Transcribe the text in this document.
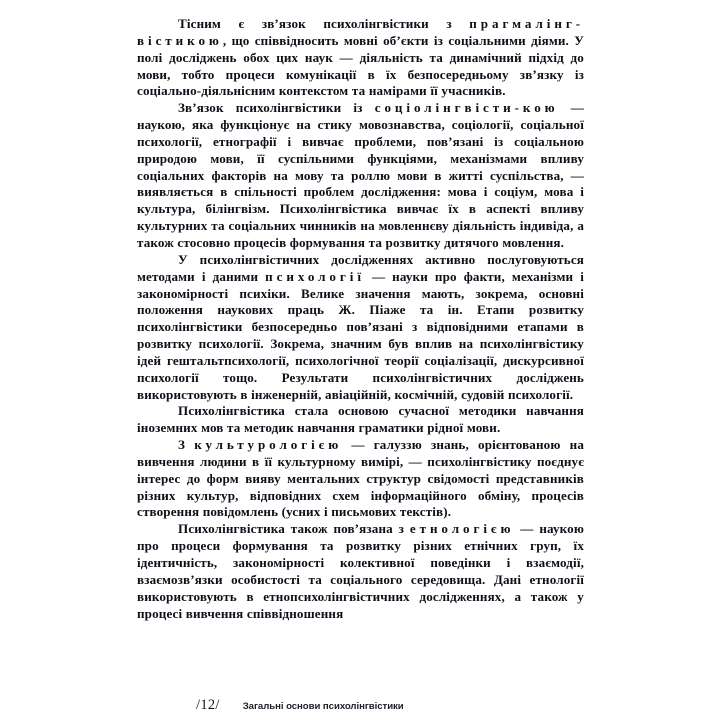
Тісним є зв’язок психолінгвістики з прагмалінг-вістикою, що співвідносить мовні об’єкти із соціальними діями. У полі досліджень обох цих наук — діяльність та динамічний підхід до мови, тобто процеси комунікації в їх безпосередньому зв’язку із соціально-діяльнісним контекстом та намірами її учасників.

Зв’язок психолінгвістики із соціолінгвісти-кою — наукою, яка функціонує на стику мовознавства, соціології, соціальної психології, етнографії і вивчає проблеми, пов’язані із соціальною природою мови, її суспільними функціями, механізмами впливу соціальних факторів на мову та роллю мови в житті суспільства, — виявляється в спільності проблем дослідження: мова і соціум, мова і культура, білінгвізм. Психолінгвістика вивчає їх в аспекті впливу культурних та соціальних чинників на мовленнєву діяльність індивіда, а також стосовно процесів формування та розвитку дитячого мовлення.

У психолінгвістичних дослідженнях активно послуговуються методами і даними психології — науки про факти, механізми і закономірності психіки. Велике значення мають, зокрема, основні положення наукових праць Ж. Піаже та ін. Етапи розвитку психолінгвістики безпосередньо пов’язані з відповідними етапами в розвитку психології. Зокрема, значним був вплив на психолінгвістику ідей гештальтпсихології, психологічної теорії соціалізації, дискурсивної психології тощо. Результати психолінгвістичних досліджень використовують в інженерній, авіаційній, космічній, судовій психології.

Психолінгвістика стала основою сучасної методики навчання іноземних мов та методик навчання граматики рідної мови.

З культурологією — галуззю знань, орієнтованою на вивчення людини в її культурному вимірі, — психолінгвістику поєднує інтерес до форм вияву ментальних структур свідомості представників різних культур, відповідних схем інформаційного обміну, процесів створення повідомлень (усних і письмових текстів).

Психолінгвістика також пов’язана з етнологією — наукою про процеси формування та розвитку різних етнічних груп, їх ідентичність, закономірності колективної поведінки і взаємодії, взаємозв’язки особистості та соціального середовища. Дані етнології використовують в етнопсихолінгвістичних дослідженнях, а також у процесі вивчення співвідношення

/12/ Загальні основи психолінгвістики
